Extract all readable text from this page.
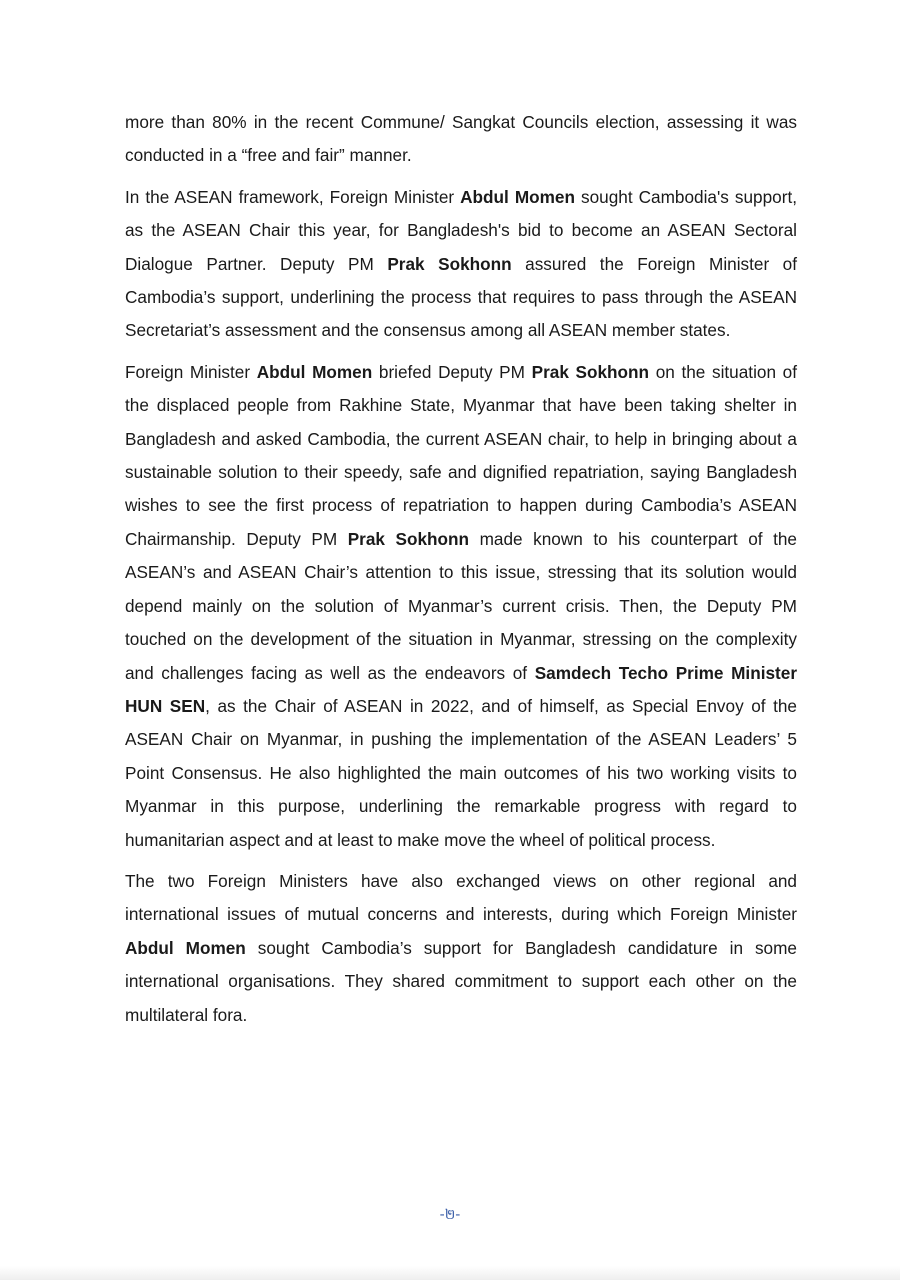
more than 80% in the recent Commune/ Sangkat Councils election, assessing it was conducted in a “free and fair” manner.

In the ASEAN framework, Foreign Minister Abdul Momen sought Cambodia's support, as the ASEAN Chair this year, for Bangladesh's bid to become an ASEAN Sectoral Dialogue Partner. Deputy PM Prak Sokhonn assured the Foreign Minister of Cambodia’s support, underlining the process that requires to pass through the ASEAN Secretariat’s assessment and the consensus among all ASEAN member states.

Foreign Minister Abdul Momen briefed Deputy PM Prak Sokhonn on the situation of the displaced people from Rakhine State, Myanmar that have been taking shelter in Bangladesh and asked Cambodia, the current ASEAN chair, to help in bringing about a sustainable solution to their speedy, safe and dignified repatriation, saying Bangladesh wishes to see the first process of repatriation to happen during Cambodia’s ASEAN Chairmanship. Deputy PM Prak Sokhonn made known to his counterpart of the ASEAN’s and ASEAN Chair’s attention to this issue, stressing that its solution would depend mainly on the solution of Myanmar’s current crisis. Then, the Deputy PM touched on the development of the situation in Myanmar, stressing on the complexity and challenges facing as well as the endeavors of Samdech Techo Prime Minister HUN SEN, as the Chair of ASEAN in 2022, and of himself, as Special Envoy of the ASEAN Chair on Myanmar, in pushing the implementation of the ASEAN Leaders’ 5 Point Consensus. He also highlighted the main outcomes of his two working visits to Myanmar in this purpose, underlining the remarkable progress with regard to humanitarian aspect and at least to make move the wheel of political process.

The two Foreign Ministers have also exchanged views on other regional and international issues of mutual concerns and interests, during which Foreign Minister Abdul Momen sought Cambodia’s support for Bangladesh candidature in some international organisations. They shared commitment to support each other on the multilateral fora.

-២-
